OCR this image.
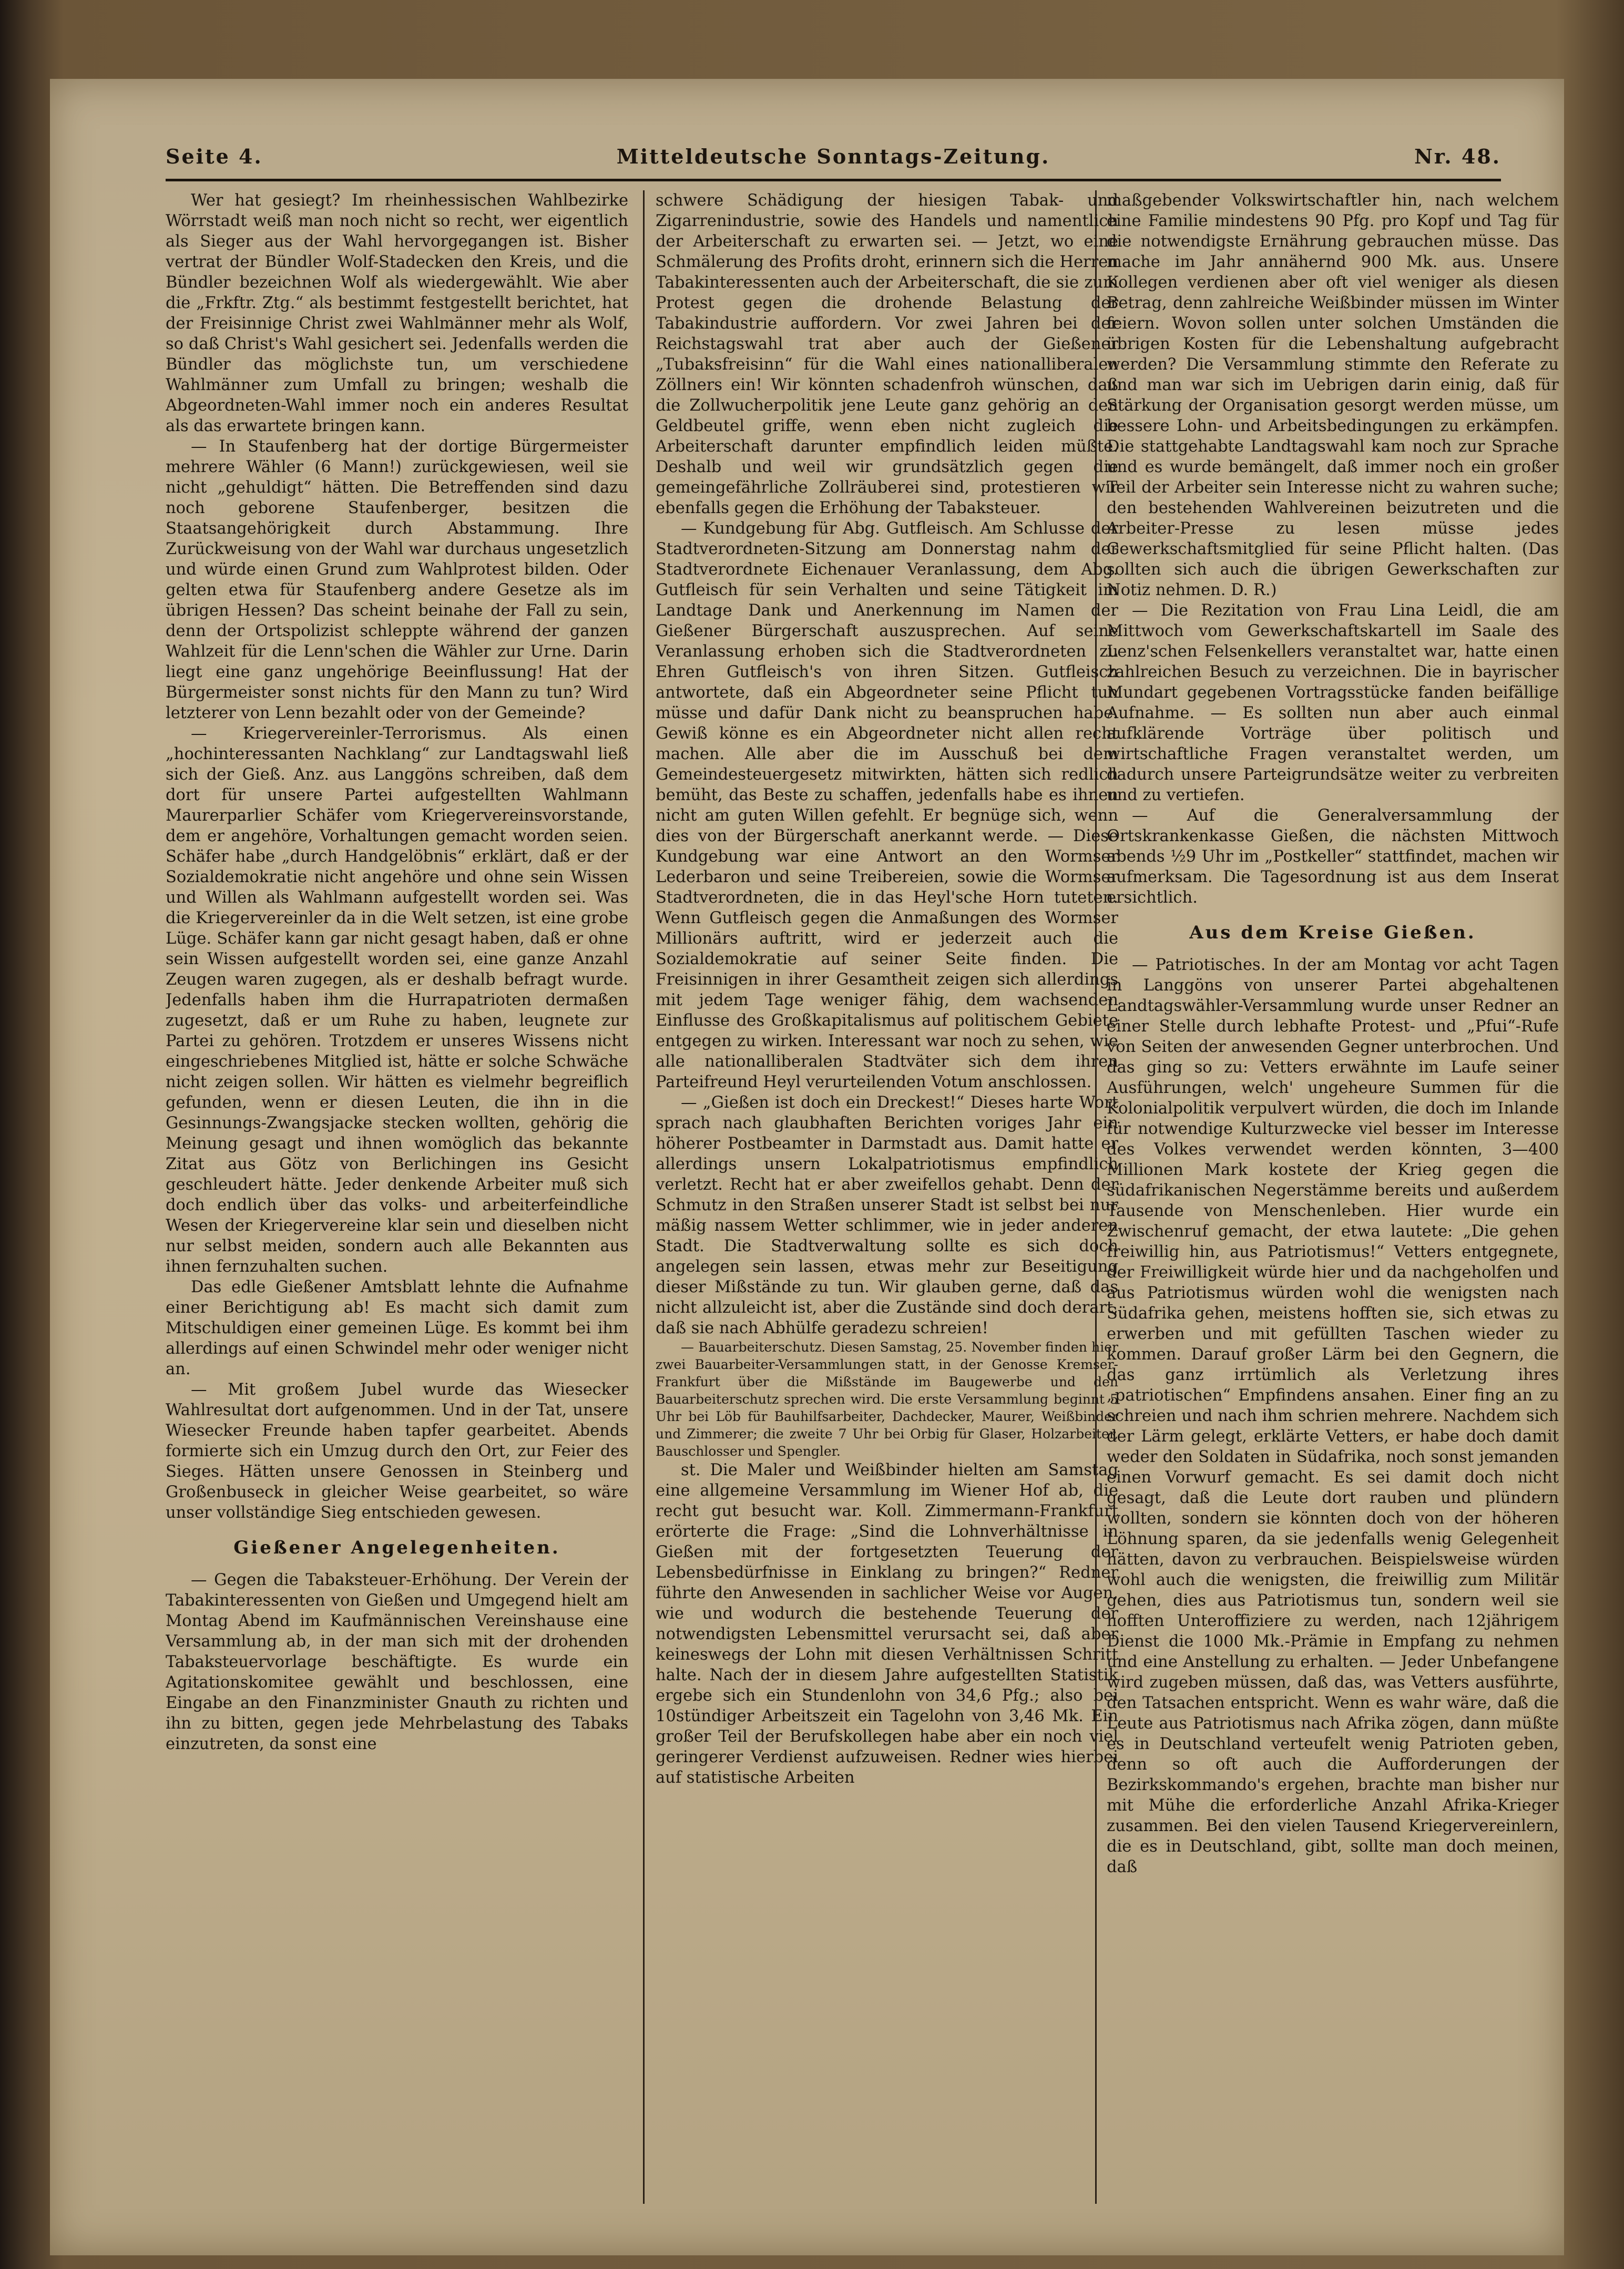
Seite 4.	Mitteldeutsche Sonntags-Zeitung.	Nr. 48.

Wer hat gesiegt? Im rheinhessischen Wahlbezirke Wörrstadt weiß man noch nicht so recht, wer eigentlich als Sieger aus der Wahl hervorgegangen ist. Bisher vertrat der Bündler Wolf-Stadecken den Kreis, und die Bündler bezeichnen Wolf als wiedergewählt. Wie aber die „Frkftr. Ztg.“ als bestimmt festgestellt berichtet, hat der Freisinnige Christ zwei Wahlmänner mehr als Wolf, so daß Christ's Wahl gesichert sei. Jedenfalls werden die Bündler das möglichste tun, um verschiedene Wahlmänner zum Umfall zu bringen; weshalb die Abgeordneten-Wahl immer noch ein anderes Resultat als das erwartete bringen kann.

— In Staufenberg hat der dortige Bürgermeister mehrere Wähler (6 Mann!) zurückgewiesen, weil sie nicht „gehuldigt“ hätten. Die Betreffenden sind dazu noch geborene Staufenberger, besitzen die Staatsangehörigkeit durch Abstammung. Ihre Zurückweisung von der Wahl war durchaus ungesetzlich und würde einen Grund zum Wahlprotest bilden. Oder gelten etwa für Staufenberg andere Gesetze als im übrigen Hessen? Das scheint beinahe der Fall zu sein, denn der Ortspolizist schleppte während der ganzen Wahlzeit für die Lenn'schen die Wähler zur Urne. Darin liegt eine ganz ungehörige Beeinflussung! Hat der Bürgermeister sonst nichts für den Mann zu tun? Wird letzterer von Lenn bezahlt oder von der Gemeinde?

— Kriegervereinler-Terrorismus. Als einen „hochinteressanten Nachklang“ zur Landtagswahl ließ sich der Gieß. Anz. aus Langgöns schreiben, daß dem dort für unsere Partei aufgestellten Wahlmann Maurerparlier Schäfer vom Kriegervereinsvorstande, dem er angehöre, Vorhaltungen gemacht worden seien. Schäfer habe „durch Handgelöbnis“ erklärt, daß er der Sozialdemokratie nicht angehöre und ohne sein Wissen und Willen als Wahlmann aufgestellt worden sei. Was die Kriegervereinler da in die Welt setzen, ist eine grobe Lüge. Schäfer kann gar nicht gesagt haben, daß er ohne sein Wissen aufgestellt worden sei, eine ganze Anzahl Zeugen waren zugegen, als er deshalb befragt wurde. Jedenfalls haben ihm die Hurrapatrioten dermaßen zugesetzt, daß er um Ruhe zu haben, leugnete zur Partei zu gehören. Trotzdem er unseres Wissens nicht eingeschriebenes Mitglied ist, hätte er solche Schwäche nicht zeigen sollen. Wir hätten es vielmehr begreiflich gefunden, wenn er diesen Leuten, die ihn in die Gesinnungs-Zwangsjacke stecken wollten, gehörig die Meinung gesagt und ihnen womöglich das bekannte Zitat aus Götz von Berlichingen ins Gesicht geschleudert hätte. Jeder denkende Arbeiter muß sich doch endlich über das volks- und arbeiterfeindliche Wesen der Kriegervereine klar sein und dieselben nicht nur selbst meiden, sondern auch alle Bekannten aus ihnen fernzuhalten suchen.

Das edle Gießener Amtsblatt lehnte die Aufnahme einer Berichtigung ab! Es macht sich damit zum Mitschuldigen einer gemeinen Lüge. Es kommt bei ihm allerdings auf einen Schwindel mehr oder weniger nicht an.

— Mit großem Jubel wurde das Wiesecker Wahlresultat dort aufgenommen. Und in der Tat, unsere Wiesecker Freunde haben tapfer gearbeitet. Abends formierte sich ein Umzug durch den Ort, zur Feier des Sieges. Hätten unsere Genossen in Steinberg und Großenbuseck in gleicher Weise gearbeitet, so wäre unser vollständige Sieg entschieden gewesen.

Gießener Angelegenheiten.

— Gegen die Tabaksteuer-Erhöhung. Der Verein der Tabakinteressenten von Gießen und Umgegend hielt am Montag Abend im Kaufmännischen Vereinshause eine Versammlung ab, in der man sich mit der drohenden Tabaksteuervorlage beschäftigte. Es wurde ein Agitationskomitee gewählt und beschlossen, eine Eingabe an den Finanzminister Gnauth zu richten und ihn zu bitten, gegen jede Mehrbelastung des Tabaks einzutreten, da sonst eine

schwere Schädigung der hiesigen Tabak- und Zigarrenindustrie, sowie des Handels und namentlich der Arbeiterschaft zu erwarten sei. — Jetzt, wo eine Schmälerung des Profits droht, erinnern sich die Herren Tabakinteressenten auch der Arbeiterschaft, die sie zum Protest gegen die drohende Belastung der Tabakindustrie auffordern. Vor zwei Jahren bei der Reichstagswahl trat aber auch der Gießener „Tubaksfreisinn“ für die Wahl eines nationalliberalen Zöllners ein! Wir könnten schadenfroh wünschen, daß die Zollwucherpolitik jene Leute ganz gehörig an den Geldbeutel griffe, wenn eben nicht zugleich die Arbeiterschaft darunter empfindlich leiden müßte. Deshalb und weil wir grundsätzlich gegen die gemeingefährliche Zollräuberei sind, protestieren wir ebenfalls gegen die Erhöhung der Tabaksteuer.

— Kundgebung für Abg. Gutfleisch. Am Schlusse der Stadtverordneten-Sitzung am Donnerstag nahm der Stadtverordnete Eichenauer Veranlassung, dem Abg. Gutfleisch für sein Verhalten und seine Tätigkeit im Landtage Dank und Anerkennung im Namen der Gießener Bürgerschaft auszusprechen. Auf seine Veranlassung erhoben sich die Stadtverordneten zu Ehren Gutfleisch's von ihren Sitzen. Gutfleisch antwortete, daß ein Abgeordneter seine Pflicht tun müsse und dafür Dank nicht zu beanspruchen habe. Gewiß könne es ein Abgeordneter nicht allen recht machen. Alle aber die im Ausschuß bei dem Gemeindesteuergesetz mitwirkten, hätten sich redlich bemüht, das Beste zu schaffen, jedenfalls habe es ihnen nicht am guten Willen gefehlt. Er begnüge sich, wenn dies von der Bürgerschaft anerkannt werde. — Diese Kundgebung war eine Antwort an den Wormser Lederbaron und seine Treibereien, sowie die Wormser Stadtverordneten, die in das Heyl'sche Horn tuteten. Wenn Gutfleisch gegen die Anmaßungen des Wormser Millionärs auftritt, wird er jederzeit auch die Sozialdemokratie auf seiner Seite finden. Die Freisinnigen in ihrer Gesamtheit zeigen sich allerdings mit jedem Tage weniger fähig, dem wachsenden Einflusse des Großkapitalismus auf politischem Gebiete entgegen zu wirken. Interessant war noch zu sehen, wie alle nationalliberalen Stadtväter sich dem ihren Parteifreund Heyl verurteilenden Votum anschlossen.

— „Gießen ist doch ein Dreckest!“ Dieses harte Wort sprach nach glaubhaften Berichten voriges Jahr ein höherer Postbeamter in Darmstadt aus. Damit hatte er allerdings unsern Lokalpatriotismus empfindlich verletzt. Recht hat er aber zweifellos gehabt. Denn der Schmutz in den Straßen unserer Stadt ist selbst bei nur mäßig nassem Wetter schlimmer, wie in jeder anderen Stadt. Die Stadtverwaltung sollte es sich doch angelegen sein lassen, etwas mehr zur Beseitigung dieser Mißstände zu tun. Wir glauben gerne, daß das nicht allzuleicht ist, aber die Zustände sind doch derart, daß sie nach Abhülfe geradezu schreien!

— Bauarbeiterschutz. Diesen Samstag, 25. November finden hier zwei Bauarbeiter-Versammlungen statt, in der Genosse Kremser-Frankfurt über die Mißstände im Baugewerbe und den Bauarbeiterschutz sprechen wird. Die erste Versammlung beginnt 5 Uhr bei Löb für Bauhilfsarbeiter, Dachdecker, Maurer, Weißbinder und Zimmerer; die zweite 7 Uhr bei Orbig für Glaser, Holzarbeiter, Bauschlosser und Spengler.

st. Die Maler und Weißbinder hielten am Samstag eine allgemeine Versammlung im Wiener Hof ab, die recht gut besucht war. Koll. Zimmermann-Frankfurt erörterte die Frage: „Sind die Lohnverhältnisse in Gießen mit der fortgesetzten Teuerung der Lebensbedürfnisse in Einklang zu bringen?“ Redner führte den Anwesenden in sachlicher Weise vor Augen, wie und wodurch die bestehende Teuerung der notwendigsten Lebensmittel verursacht sei, daß aber keineswegs der Lohn mit diesen Verhältnissen Schritt halte. Nach der in diesem Jahre aufgestellten Statistik ergebe sich ein Stundenlohn von 34,6 Pfg.; also bei 10stündiger Arbeitszeit ein Tagelohn von 3,46 Mk. Ein großer Teil der Berufskollegen habe aber ein noch viel geringerer Verdienst aufzuweisen. Redner wies hierbei auf statistische Arbeiten

maßgebender Volkswirtschaftler hin, nach welchem eine Familie mindestens 90 Pfg. pro Kopf und Tag für die notwendigste Ernährung gebrauchen müsse. Das mache im Jahr annähernd 900 Mk. aus. Unsere Kollegen verdienen aber oft viel weniger als diesen Betrag, denn zahlreiche Weißbinder müssen im Winter feiern. Wovon sollen unter solchen Umständen die übrigen Kosten für die Lebenshaltung aufgebracht werden? Die Versammlung stimmte den Referate zu und man war sich im Uebrigen darin einig, daß für Stärkung der Organisation gesorgt werden müsse, um bessere Lohn- und Arbeitsbedingungen zu erkämpfen. Die stattgehabte Landtagswahl kam noch zur Sprache und es wurde bemängelt, daß immer noch ein großer Teil der Arbeiter sein Interesse nicht zu wahren suche; den bestehenden Wahlvereinen beizutreten und die Arbeiter-Presse zu lesen müsse jedes Gewerkschaftsmitglied für seine Pflicht halten. (Das sollten sich auch die übrigen Gewerkschaften zur Notiz nehmen. D. R.)

— Die Rezitation von Frau Lina Leidl, die am Mittwoch vom Gewerkschaftskartell im Saale des Lenz'schen Felsenkellers veranstaltet war, hatte einen zahlreichen Besuch zu verzeichnen. Die in bayrischer Mundart gegebenen Vortragsstücke fanden beifällige Aufnahme. — Es sollten nun aber auch einmal aufklärende Vorträge über politisch und wirtschaftliche Fragen veranstaltet werden, um dadurch unsere Parteigrundsätze weiter zu verbreiten und zu vertiefen.

— Auf die Generalversammlung der Ortskrankenkasse Gießen, die nächsten Mittwoch abends ½9 Uhr im „Postkeller“ stattfindet, machen wir aufmerksam. Die Tagesordnung ist aus dem Inserat ersichtlich.

Aus dem Kreise Gießen.

— Patriotisches. In der am Montag vor acht Tagen in Langgöns von unserer Partei abgehaltenen Landtagswähler-Versammlung wurde unser Redner an einer Stelle durch lebhafte Protest- und „Pfui“-Rufe von Seiten der anwesenden Gegner unterbrochen. Und das ging so zu: Vetters erwähnte im Laufe seiner Ausführungen, welch' ungeheure Summen für die Kolonialpolitik verpulvert würden, die doch im Inlande für notwendige Kulturzwecke viel besser im Interesse des Volkes verwendet werden könnten, 3—400 Millionen Mark kostete der Krieg gegen die südafrikanischen Negerstämme bereits und außerdem Tausende von Menschenleben. Hier wurde ein Zwischenruf gemacht, der etwa lautete: „Die gehen freiwillig hin, aus Patriotismus!“ Vetters entgegnete, der Freiwilligkeit würde hier und da nachgeholfen und aus Patriotismus würden wohl die wenigsten nach Südafrika gehen, meistens hofften sie, sich etwas zu erwerben und mit gefüllten Taschen wieder zu kommen. Darauf großer Lärm bei den Gegnern, die das ganz irrtümlich als Verletzung ihres „patriotischen“ Empfindens ansahen. Einer fing an zu schreien und nach ihm schrien mehrere. Nachdem sich der Lärm gelegt, erklärte Vetters, er habe doch damit weder den Soldaten in Südafrika, noch sonst jemanden einen Vorwurf gemacht. Es sei damit doch nicht gesagt, daß die Leute dort rauben und plündern wollten, sondern sie könnten doch von der höheren Löhnung sparen, da sie jedenfalls wenig Gelegenheit hätten, davon zu verbrauchen. Beispielsweise würden wohl auch die wenigsten, die freiwillig zum Militär gehen, dies aus Patriotismus tun, sondern weil sie hofften Unteroffiziere zu werden, nach 12jährigem Dienst die 1000 Mk.-Prämie in Empfang zu nehmen und eine Anstellung zu erhalten. — Jeder Unbefangene wird zugeben müssen, daß das, was Vetters ausführte, den Tatsachen entspricht. Wenn es wahr wäre, daß die Leute aus Patriotismus nach Afrika zögen, dann müßte es in Deutschland verteufelt wenig Patrioten geben, denn so oft auch die Aufforderungen der Bezirkskommando's ergehen, brachte man bisher nur mit Mühe die erforderliche Anzahl Afrika-Krieger zusammen. Bei den vielen Tausend Kriegervereinlern, die es in Deutschland, gibt, sollte man doch meinen, daß
